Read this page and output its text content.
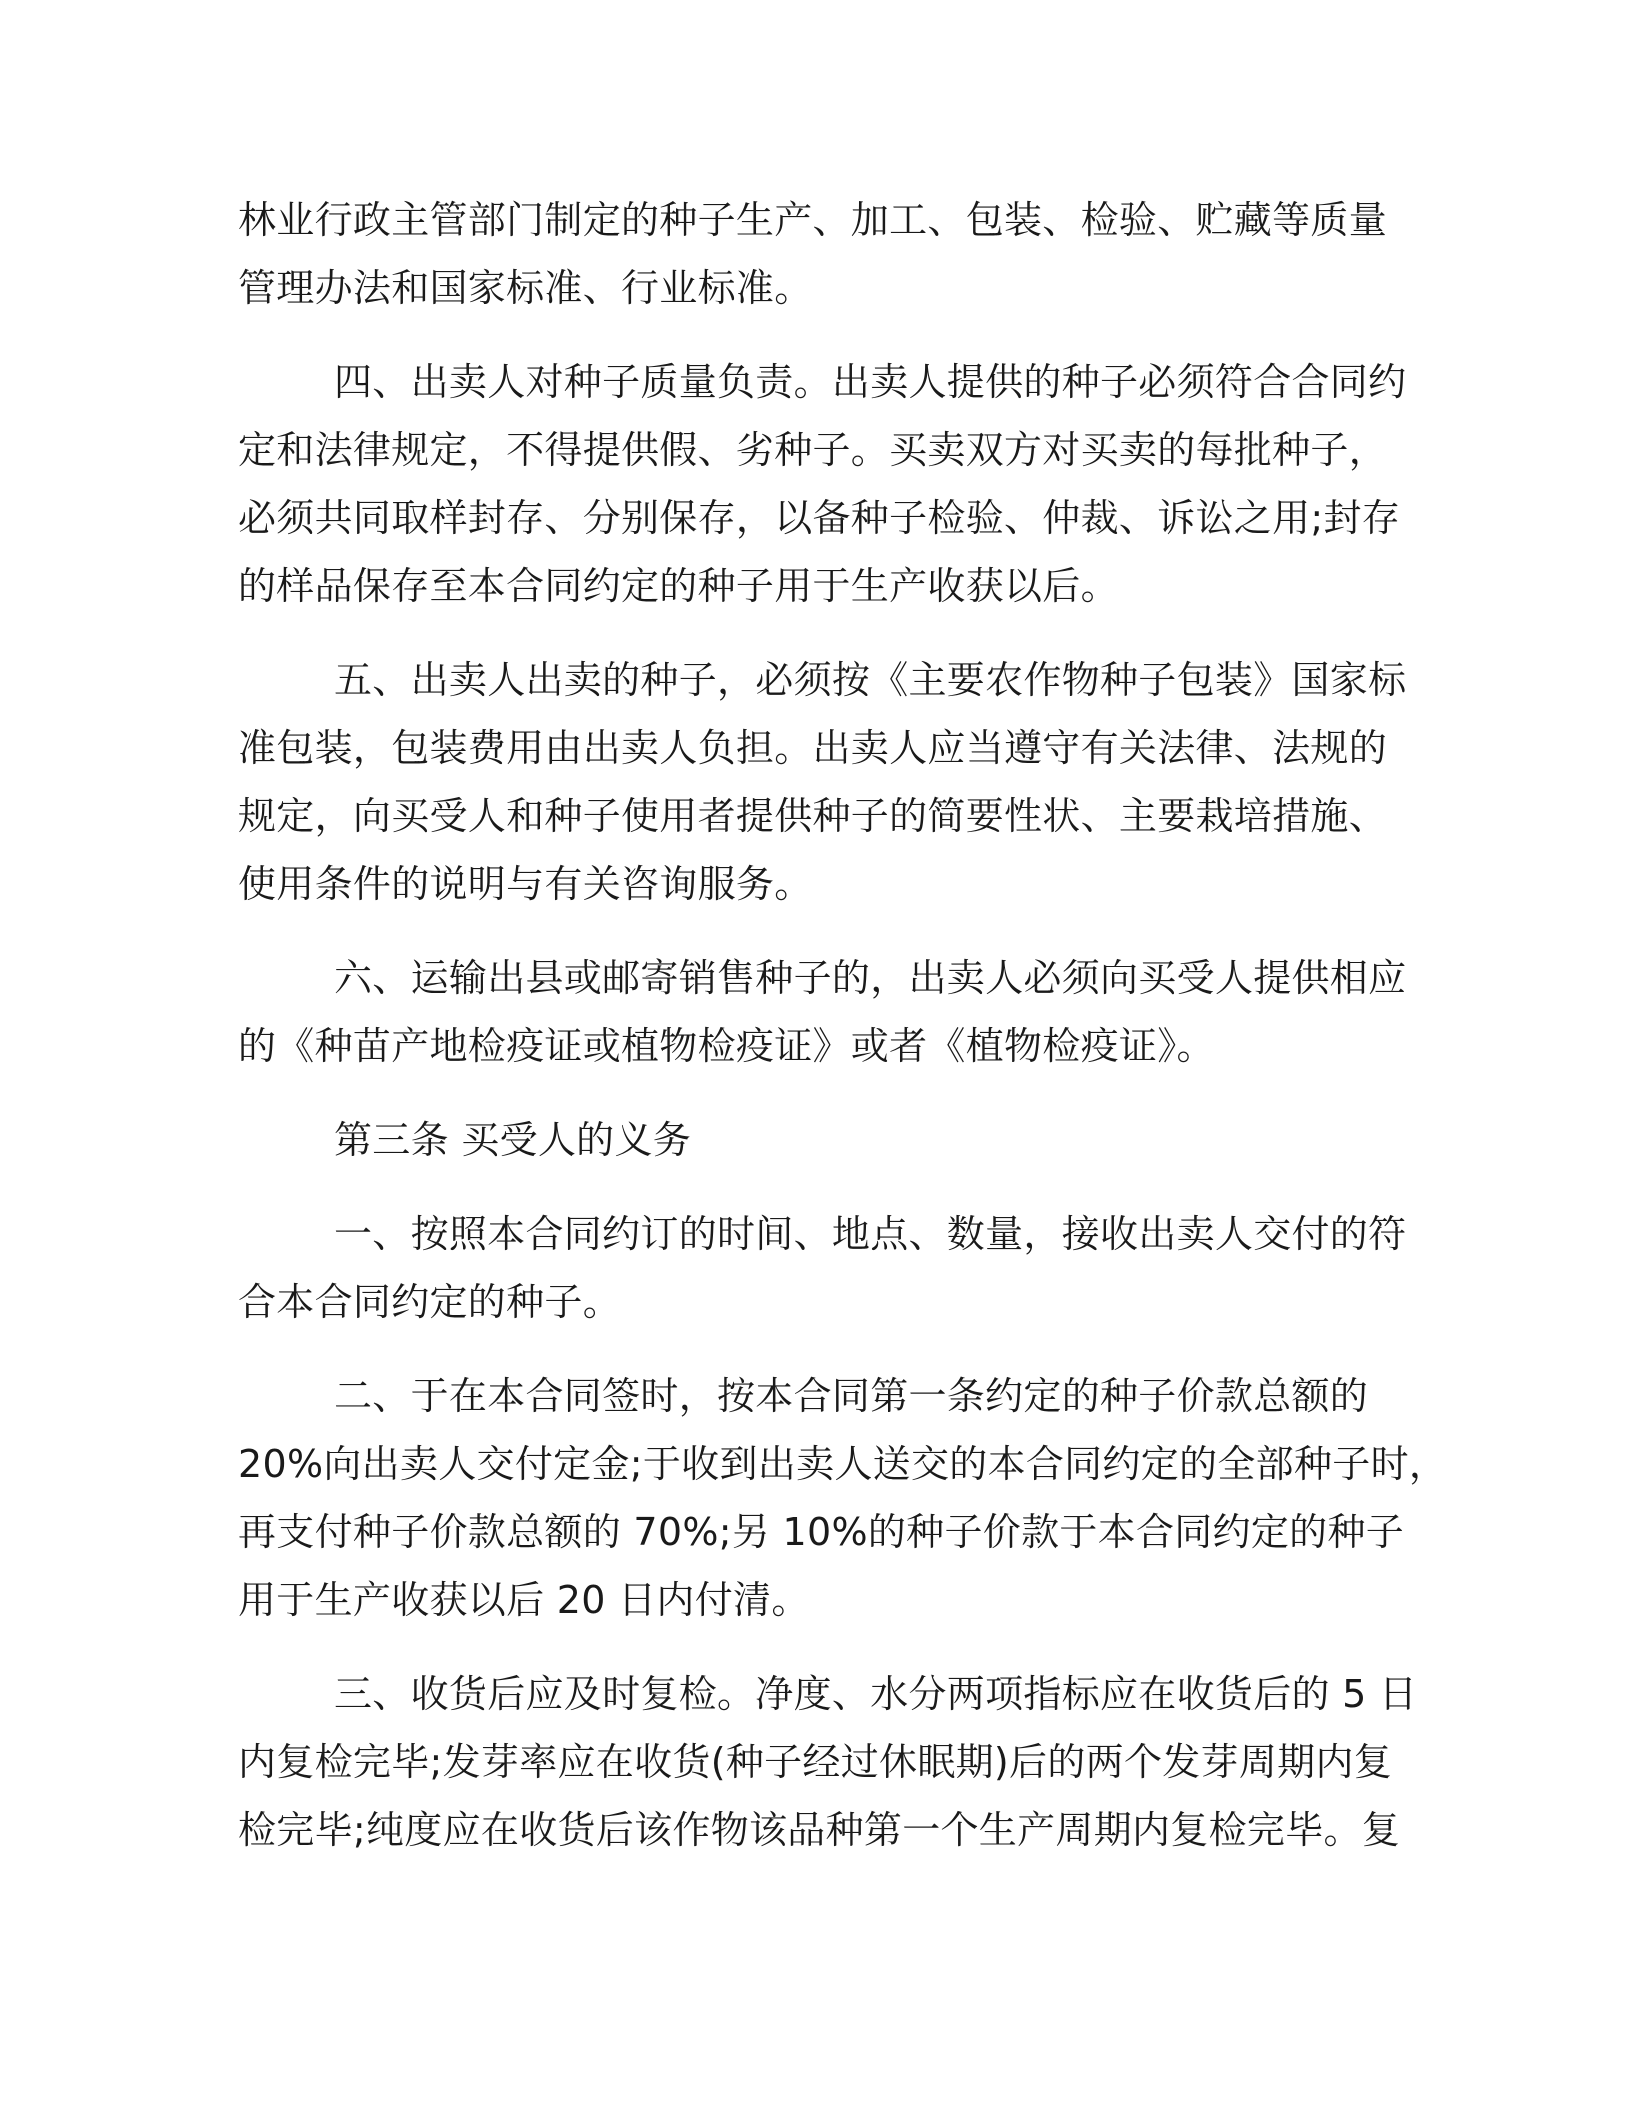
林业行政主管部门制定的种子生产、加工、包装、检验、贮藏等质量
管理办法和国家标准、行业标准。
四、出卖人对种子质量负责。出卖人提供的种子必须符合合同约
定和法律规定，不得提供假、劣种子。买卖双方对买卖的每批种子，
必须共同取样封存、分别保存，以备种子检验、仲裁、诉讼之用;封存
的样品保存至本合同约定的种子用于生产收获以后。
五、出卖人出卖的种子，必须按《主要农作物种子包装》国家标
准包装，包装费用由出卖人负担。出卖人应当遵守有关法律、法规的
规定，向买受人和种子使用者提供种子的简要性状、主要栽培措施、
使用条件的说明与有关咨询服务。
六、运输出县或邮寄销售种子的，出卖人必须向买受人提供相应
的《种苗产地检疫证或植物检疫证》或者《植物检疫证》。
第三条 买受人的义务
一、按照本合同约订的时间、地点、数量，接收出卖人交付的符
合本合同约定的种子。
二、于在本合同签时，按本合同第一条约定的种子价款总额的
20%向出卖人交付定金;于收到出卖人送交的本合同约定的全部种子时，
再支付种子价款总额的 70%;另 10%的种子价款于本合同约定的种子
用于生产收获以后 20 日内付清。
三、收货后应及时复检。净度、水分两项指标应在收货后的 5 日
内复检完毕;发芽率应在收货(种子经过休眠期)后的两个发芽周期内复
检完毕;纯度应在收货后该作物该品种第一个生产周期内复检完毕。复
